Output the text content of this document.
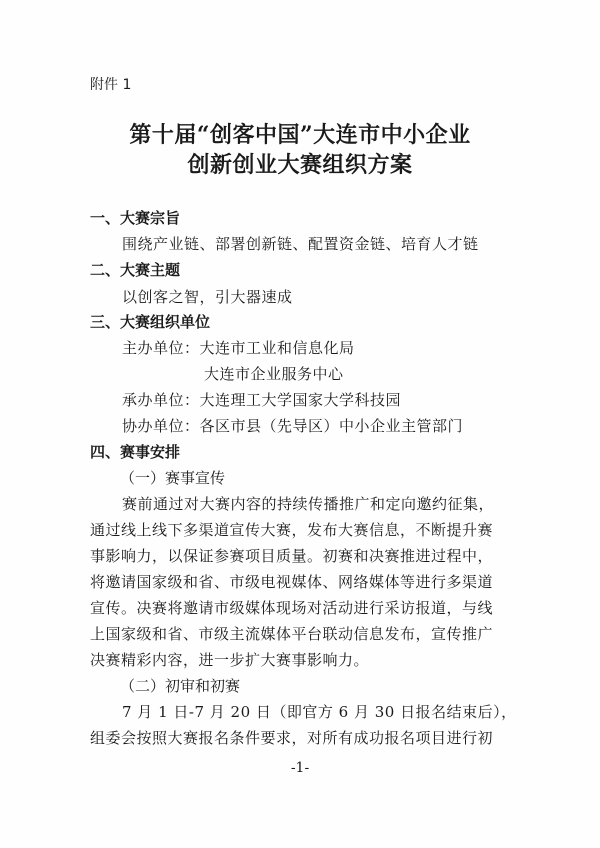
附件 1
第十届“创客中国”大连市中小企业
创新创业大赛组织方案
一、大赛宗旨
围绕产业链、部署创新链、配置资金链、培育人才链
二、大赛主题
以创客之智，引大器速成
三、大赛组织单位
主办单位：大连市工业和信息化局
大连市企业服务中心
承办单位：大连理工大学国家大学科技园
协办单位：各区市县（先导区）中小企业主管部门
四、赛事安排
（一）赛事宣传
赛前通过对大赛内容的持续传播推广和定向邀约征集，
通过线上线下多渠道宣传大赛，发布大赛信息，不断提升赛
事影响力，以保证参赛项目质量。初赛和决赛推进过程中，
将邀请国家级和省、市级电视媒体、网络媒体等进行多渠道
宣传。决赛将邀请市级媒体现场对活动进行采访报道，与线
上国家级和省、市级主流媒体平台联动信息发布，宣传推广
决赛精彩内容，进一步扩大赛事影响力。
（二）初审和初赛
7 月 1 日-7 月 20 日（即官方 6 月 30 日报名结束后），
组委会按照大赛报名条件要求，对所有成功报名项目进行初
-1-
